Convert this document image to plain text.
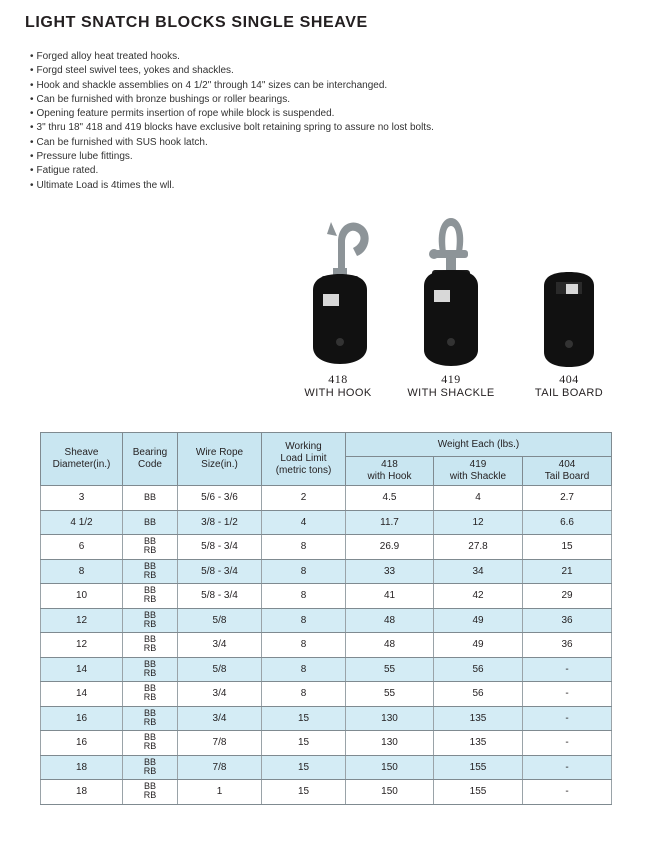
LIGHT SNATCH BLOCKS SINGLE SHEAVE
• Forged alloy heat treated hooks.
• Forgd steel swivel tees, yokes and shackles.
• Hook and shackle assemblies on 4 1/2" through 14" sizes can be interchanged.
• Can be furnished with bronze bushings or roller bearings.
• Opening feature permits insertion of rope while block is suspended.
• 3" thru 18" 418 and 419 blocks have exclusive bolt retaining spring to assure no lost bolts.
• Can be furnished with SUS hook latch.
• Pressure lube fittings.
• Fatigue rated.
• Ultimate Load is 4times the wll.
418
WITH HOOK
419
WITH SHACKLE
404
TAIL BOARD
Sheave
Diameter(in.)	Bearing
Code	Wire Rope
Size(in.)	Working
Load Limit
(metric tons)	Weight Each (lbs.)		
				418
with Hook	419
with Shackle	404
Tail Board
3	BB	5/6 - 3/6	2	4.5	4	2.7
4 1/2	BB	3/8 - 1/2	4	11.7	12	6.6
6	BB
RB	5/8 - 3/4	8	26.9	27.8	15
8	BB
RB	5/8 - 3/4	8	33	34	21
10	BB
RB	5/8 - 3/4	8	41	42	29
12	BB
RB	5/8	8	48	49	36
12	BB
RB	3/4	8	48	49	36
14	BB
RB	5/8	8	55	56	-
14	BB
RB	3/4	8	55	56	-
16	BB
RB	3/4	15	130	135	-
16	BB
RB	7/8	15	130	135	-
18	BB
RB	7/8	15	150	155	-
18	BB
RB	1	15	150	155	-
